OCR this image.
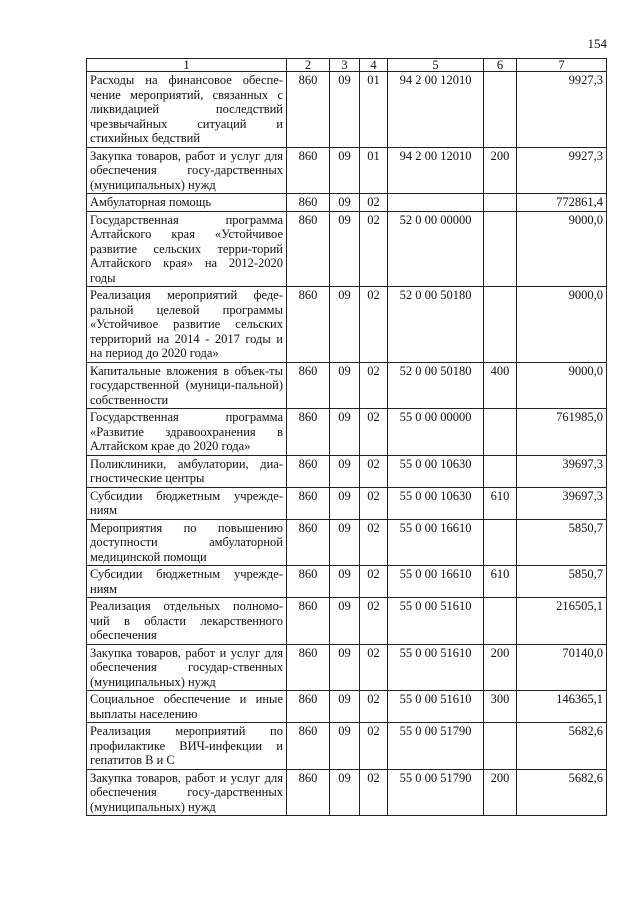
154
1	2	3	4	5	6	7
Расходы на финансовое обеспе-чение мероприятий, связанных с ликвидацией последствий чрезвычайных ситуаций и стихийных бедствий	860	09	01	94 2 00 12010		9927,3
Закупка товаров, работ и услуг для обеспечения госу-дарственных (муниципальных) нужд	860	09	01	94 2 00 12010	200	9927,3
Амбулаторная помощь	860	09	02			772861,4
Государственная программа Алтайского края «Устойчивое развитие сельских терри-торий Алтайского края» на 2012-2020 годы	860	09	02	52 0 00 00000		9000,0
Реализация мероприятий феде-ральной целевой программы «Устойчивое развитие сельских территорий на 2014 - 2017 годы и на период до 2020 года»	860	09	02	52 0 00 50180		9000,0
Капитальные вложения в объек-ты государственной (муници-пальной) собственности	860	09	02	52 0 00 50180	400	9000,0
Государственная программа «Развитие здравоохранения в Алтайском крае до 2020 года»	860	09	02	55 0 00 00000		761985,0
Поликлиники, амбулатории, диа-гностические центры	860	09	02	55 0 00 10630		39697,3
Субсидии бюджетным учрежде-ниям	860	09	02	55 0 00 10630	610	39697,3
Мероприятия по повышению доступности амбулаторной медицинской помощи	860	09	02	55 0 00 16610		5850,7
Субсидии бюджетным учрежде-ниям	860	09	02	55 0 00 16610	610	5850,7
Реализация отдельных полномо-чий в области лекарственного обеспечения	860	09	02	55 0 00 51610		216505,1
Закупка товаров, работ и услуг для обеспечения государ-ственных (муниципальных) нужд	860	09	02	55 0 00 51610	200	70140,0
Социальное обеспечение и иные выплаты населению	860	09	02	55 0 00 51610	300	146365,1
Реализация мероприятий по профилактике ВИЧ-инфекции и гепатитов В и С	860	09	02	55 0 00 51790		5682,6
Закупка товаров, работ и услуг для обеспечения госу-дарственных (муниципальных) нужд	860	09	02	55 0 00 51790	200	5682,6
